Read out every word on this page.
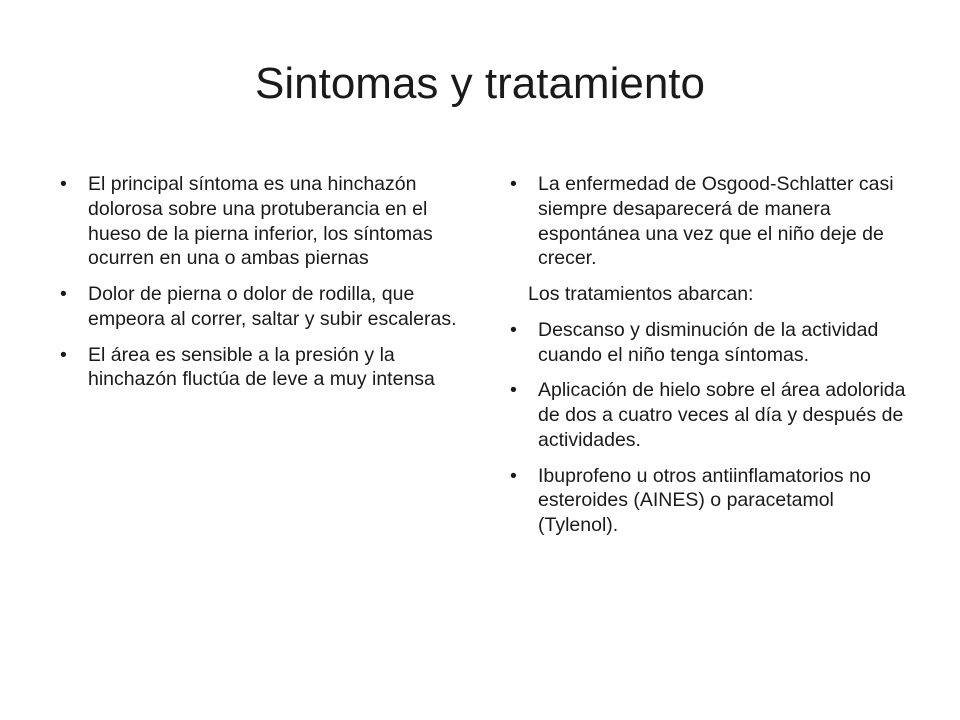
Sintomas y tratamiento
• El principal síntoma es una hinchazón dolorosa sobre una protuberancia en el hueso de la pierna inferior, los síntomas ocurren en una o ambas piernas
• Dolor de pierna o dolor de rodilla, que empeora al correr, saltar y subir escaleras.
• El área es sensible a la presión y la hinchazón fluctúa de leve a muy intensa
• La enfermedad de Osgood-Schlatter casi siempre desaparecerá de manera espontánea una vez que el niño deje de crecer.
Los tratamientos abarcan:
• Descanso y disminución de la actividad cuando el niño tenga síntomas.
• Aplicación de hielo sobre el área adolorida de dos a cuatro veces al día y después de actividades.
• Ibuprofeno u otros antiinflamatorios no esteroides (AINES) o paracetamol (Tylenol).
